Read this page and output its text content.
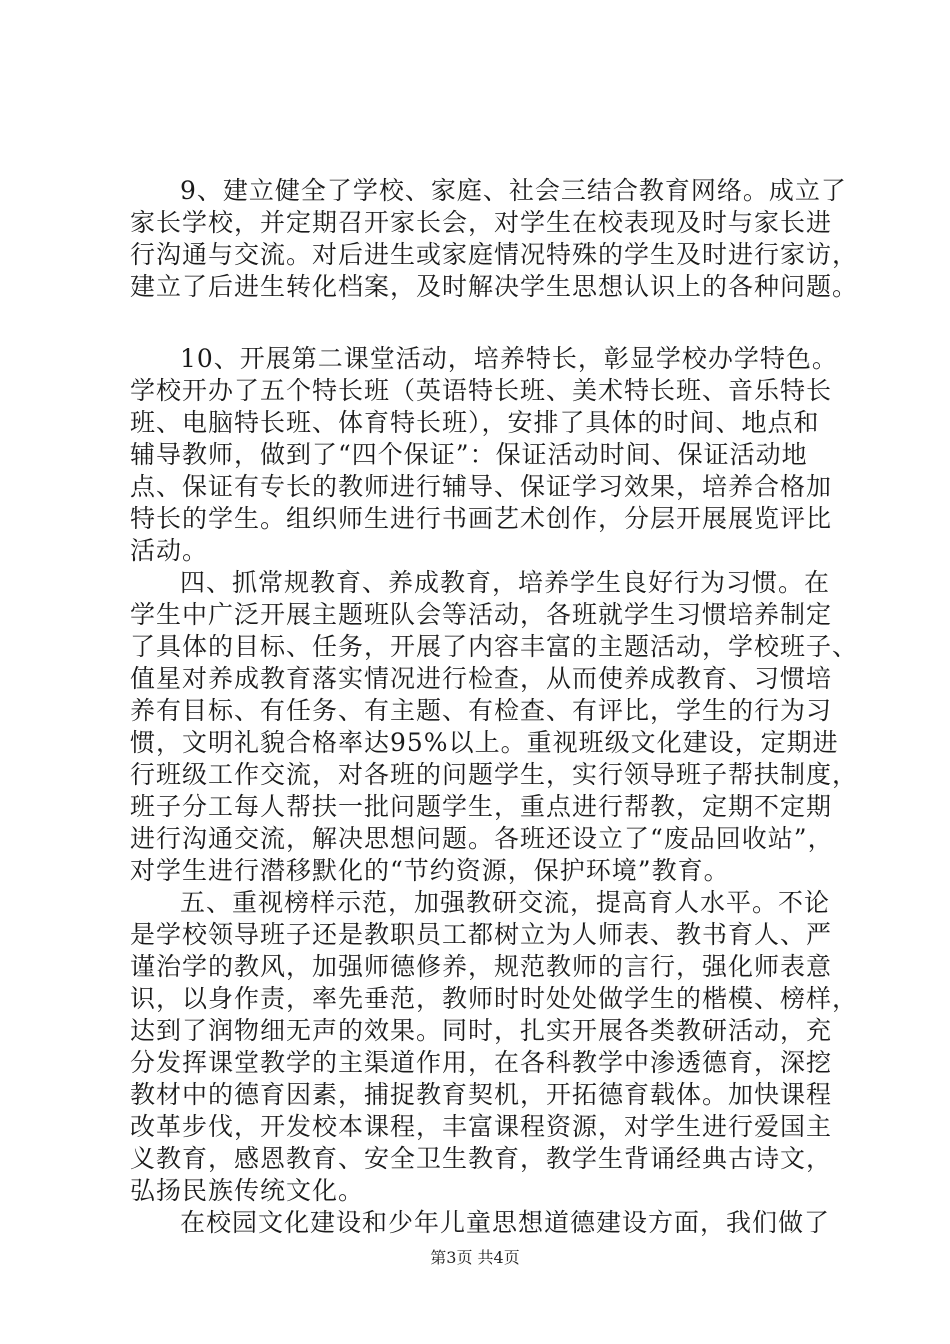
9、建立健全了学校、家庭、社会三结合教育网络。成立了
家长学校，并定期召开家长会，对学生在校表现及时与家长进
行沟通与交流。对后进生或家庭情况特殊的学生及时进行家访，
建立了后进生转化档案，及时解决学生思想认识上的各种问题。
10、开展第二课堂活动，培养特长，彰显学校办学特色。
学校开办了五个特长班（英语特长班、美术特长班、音乐特长
班、电脑特长班、体育特长班），安排了具体的时间、地点和
辅导教师，做到了“四个保证”：保证活动时间、保证活动地
点、保证有专长的教师进行辅导、保证学习效果，培养合格加
特长的学生。组织师生进行书画艺术创作，分层开展展览评比
活动。
四、抓常规教育、养成教育，培养学生良好行为习惯。在
学生中广泛开展主题班队会等活动，各班就学生习惯培养制定
了具体的目标、任务，开展了内容丰富的主题活动，学校班子、
值星对养成教育落实情况进行检查，从而使养成教育、习惯培
养有目标、有任务、有主题、有检查、有评比，学生的行为习
惯，文明礼貌合格率达95%以上。重视班级文化建设，定期进
行班级工作交流，对各班的问题学生，实行领导班子帮扶制度，
班子分工每人帮扶一批问题学生，重点进行帮教，定期不定期
进行沟通交流，解决思想问题。各班还设立了“废品回收站”，
对学生进行潜移默化的“节约资源，保护环境”教育。
五、重视榜样示范，加强教研交流，提高育人水平。不论
是学校领导班子还是教职员工都树立为人师表、教书育人、严
谨治学的教风，加强师德修养，规范教师的言行，强化师表意
识，以身作责，率先垂范，教师时时处处做学生的楷模、榜样，
达到了润物细无声的效果。同时，扎实开展各类教研活动，充
分发挥课堂教学的主渠道作用，在各科教学中渗透德育，深挖
教材中的德育因素，捕捉教育契机，开拓德育载体。加快课程
改革步伐，开发校本课程，丰富课程资源，对学生进行爱国主
义教育，感恩教育、安全卫生教育，教学生背诵经典古诗文，
弘扬民族传统文化。
在校园文化建设和少年儿童思想道德建设方面，我们做了
第3页 共4页
